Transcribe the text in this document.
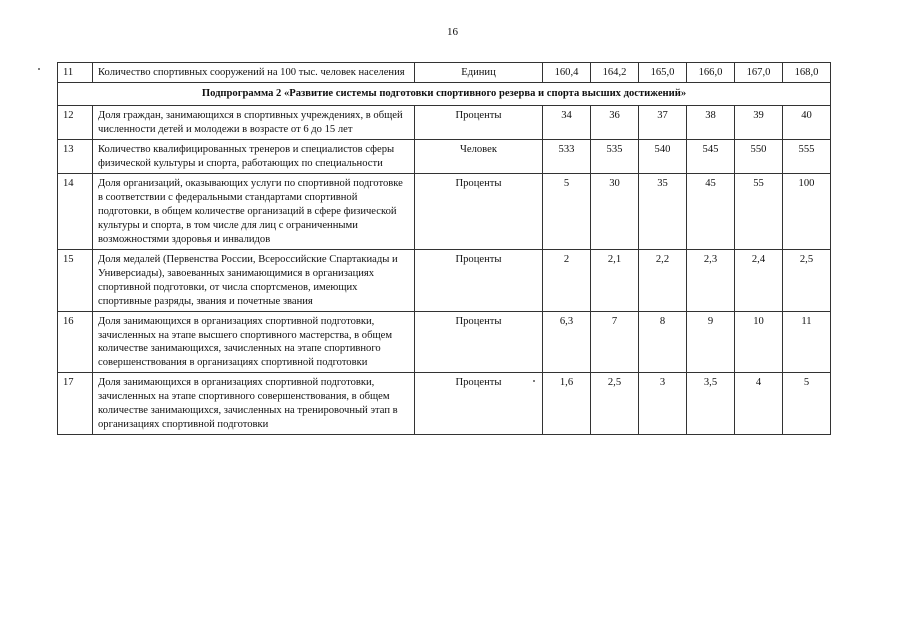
16
11	Количество спортивных сооружений на 100 тыс. человек населения	Единиц	160,4	164,2	165,0	166,0	167,0	168,0
Подпрограмма 2 «Развитие системы подготовки спортивного резерва и спорта высших достижений»								
12	Доля граждан, занимающихся в спортивных учреждениях, в общей численности детей и молодежи в возрасте от 6 до 15 лет	Проценты	34	36	37	38	39	40
13	Количество квалифицированных тренеров и специалистов сферы физической культуры и спорта, работающих по специальности	Человек	533	535	540	545	550	555
14	Доля организаций, оказывающих услуги по спортивной подготовке в соответствии с федеральными стандартами спортивной подготовки, в общем количестве организаций в сфере физической культуры и спорта, в том числе для лиц с ограниченными возможностями здоровья и инвалидов	Проценты	5	30	35	45	55	100
15	Доля медалей (Первенства России, Всероссийские Спартакиады и Универсиады), завоеванных занимающимися в организациях спортивной подготовки, от числа спортсменов, имеющих спортивные разряды, звания и почетные звания	Проценты	2	2,1	2,2	2,3	2,4	2,5
16	Доля занимающихся в организациях спортивной подготовки, зачисленных на этапе высшего спортивного мастерства, в общем количестве занимающихся, зачисленных на этапе спортивного совершенствования в организациях спортивной подготовки	Проценты	6,3	7	8	9	10	11
17	Доля занимающихся в организациях спортивной подготовки, зачисленных на этапе спортивного совершенствования, в общем количестве занимающихся, зачисленных на тренировочный этап в организациях спортивной подготовки	Проценты	1,6	2,5	3	3,5	4	5
